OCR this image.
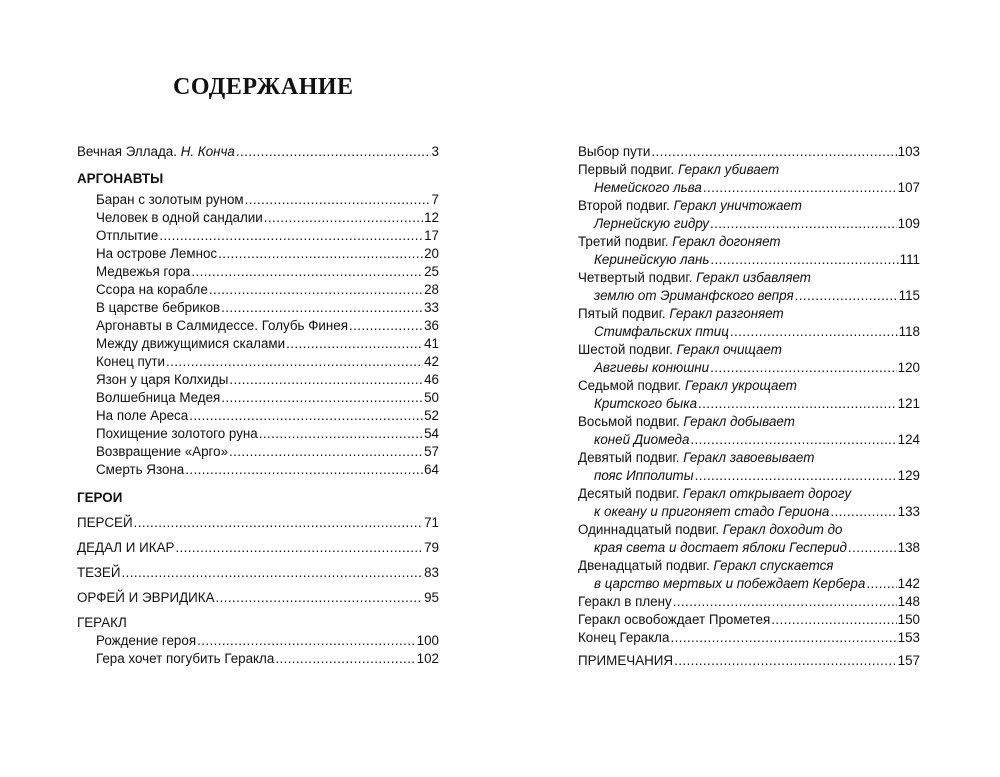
СОДЕРЖАНИЕ
Вечная Эллада. Н. Конча .....	3
АРГОНАВТЫ
Баран с золотым руном .....	7
Человек в одной сандалии .....	12
Отплытие .....	17
На острове Лемнос .....	20
Медвежья гора .....	25
Ссора на корабле .....	28
В царстве бебриков .....	33
Аргонавты в Салмидессе. Голубь Финея .....	36
Между движущимися скалами .....	41
Конец пути .....	42
Язон у царя Колхиды .....	46
Волшебница Медея .....	50
На поле Ареса .....	52
Похищение золотого руна .....	54
Возвращение «Арго» .....	57
Смерть Язона .....	64
ГЕРОИ
ПЕРСЕЙ .....	71
ДЕДАЛ И ИКАР .....	79
ТЕЗЕЙ .....	83
ОРФЕЙ И ЭВРИДИКА .....	95
ГЕРАКЛ
Рождение героя .....	100
Гера хочет погубить Геракла .....	102
Выбор пути .....	103
Первый подвиг. Геракл убивает
Немейского льва .....	107
Второй подвиг. Геракл уничтожает
Лернейскую гидру .....	109
Третий подвиг. Геракл догоняет
Керинейскую лань .....	111
Четвертый подвиг. Геракл избавляет
землю от Эриманфского вепря .....	115
Пятый подвиг. Геракл разгоняет
Стимфальских птиц .....	118
Шестой подвиг. Геракл очищает
Авгиевы конюшни .....	120
Седьмой подвиг. Геракл укрощает
Критского быка .....	121
Восьмой подвиг. Геракл добывает
коней Диомеда .....	124
Девятый подвиг. Геракл завоевывает
пояс Ипполиты .....	129
Десятый подвиг. Геракл открывает дорогу
к океану и пригоняет стадо Гериона .....	133
Одиннадцатый подвиг. Геракл доходит до
края света и достает яблоки Гесперид .....	138
Двенадцатый подвиг. Геракл спускается
в царство мертвых и побеждает Кербера ..... 142
Геракл в плену .....	148
Геракл освобождает Прометея .....	150
Конец Геракла .....	153
ПРИМЕЧАНИЯ .....	157
